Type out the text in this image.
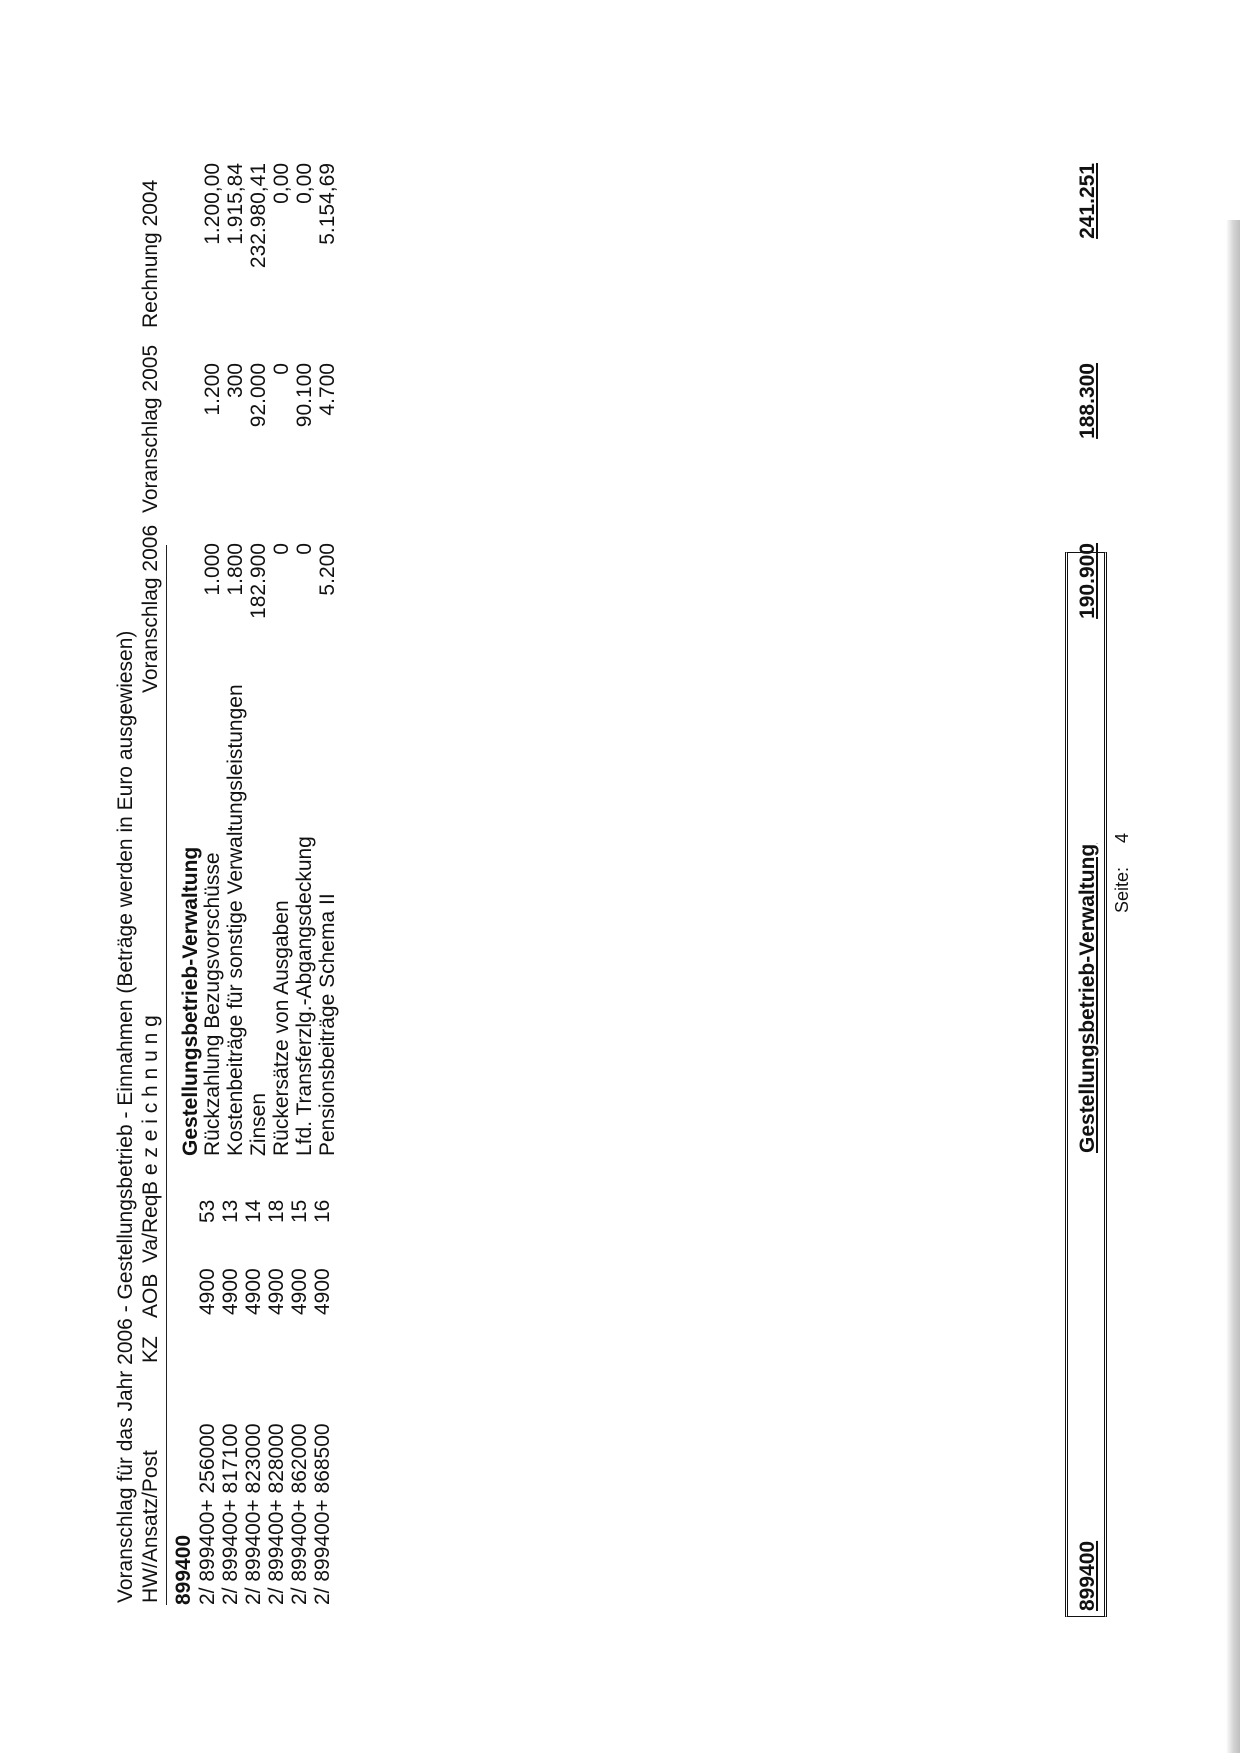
Voranschlag für das Jahr 2006 - Gestellungsbetrieb - Einnahmen (Beträge werden in Euro ausgewiesen) HW/Ansatz/Post
KZ
AOB
Va/Req
B e z e i c h n u n g
Voranschlag 2006
Voranschlag 2005
Rechnung 2004
899400
Gestellungsbetrieb-Verwaltung
2/ 899400+ 256000
4900
53
Rückzahlung Bezugsvorschüsse
1.000
1.200
1.200,00
2/ 899400+ 817100
4900
13
Kostenbeiträge für sonstige Verwaltungsleistungen
1.800
300
1.915,84
2/ 899400+ 823000
4900
14
Zinsen
182.900
92.000
232.980,41
2/ 899400+ 828000
4900
18
Rückersätze von Ausgaben
0
0
0,00
2/ 899400+ 862000
4900
15
Lfd. Transferzlg.-Abgangsdeckung
0
90.100
0,00
2/ 899400+ 868500
4900
16
Pensionsbeiträge Schema II
5.200
4.700
5.154,69
899400
Gestellungsbetrieb-Verwaltung
190.900
188.300
241.251
Seite:
4
